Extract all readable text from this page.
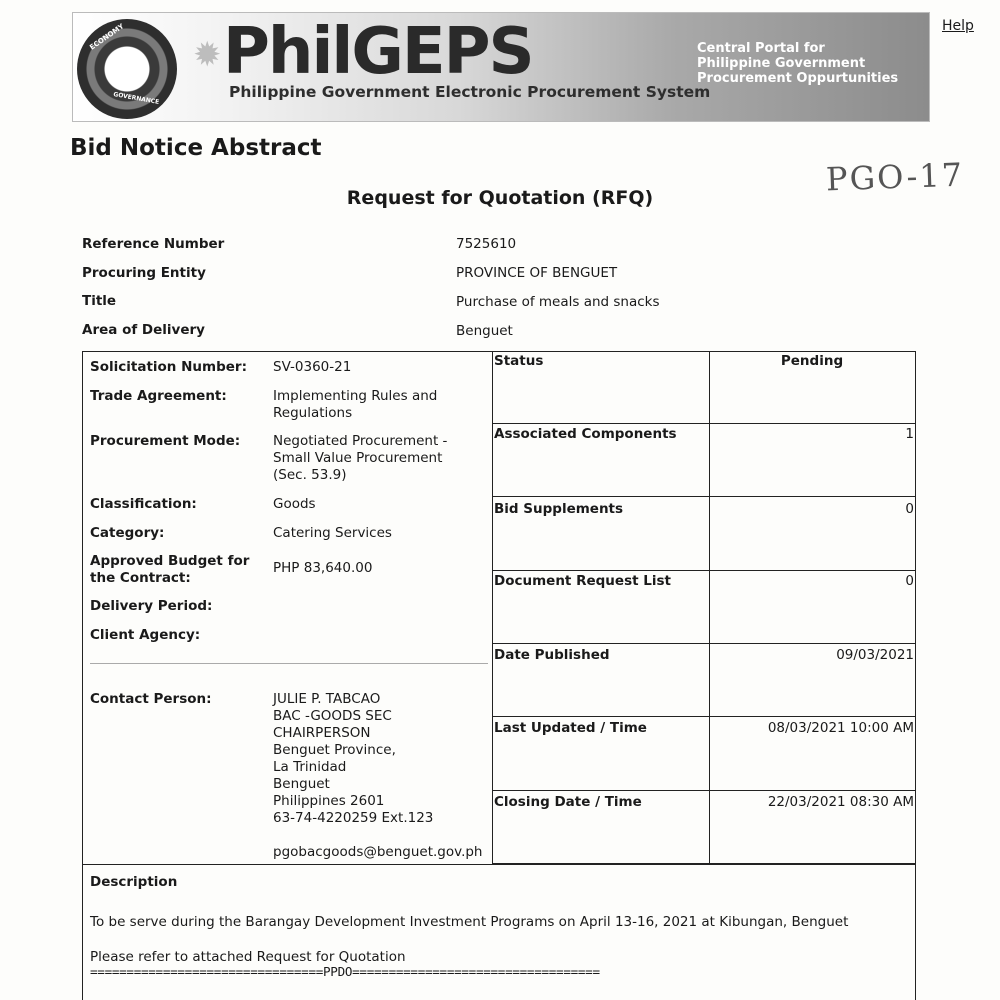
ECONOMY
GOVERNANCE
✹ PhilGEPS
Philippine Government Electronic Procurement System
Central Portal for
Philippine Government
Procurement Oppurtunities
Help
Bid Notice Abstract
PGO-17
Request for Quotation (RFQ)
Reference Number	7525610
Procuring Entity	PROVINCE OF BENGUET
Title	Purchase of meals and snacks
Area of Delivery	Benguet
Solicitation Number:	SV-0360-21
Trade Agreement:	Implementing Rules and Regulations
Procurement Mode:	Negotiated Procurement - Small Value Procurement (Sec. 53.9)
Classification:	Goods
Category:	Catering Services
Approved Budget for the Contract:
PHP 83,640.00
Delivery Period:
Client Agency:
Contact Person:	JULIE P. TABCAO
BAC -GOODS SEC
CHAIRPERSON
Benguet Province,
La Trinidad
Benguet
Philippines 2601
63-74-4220259 Ext.123
pgobacgoods@benguet.gov.ph
Status	Pending
Associated Components	1
Bid Supplements	0
Document Request List	0
Date Published	09/03/2021
Last Updated / Time	08/03/2021 10:00 AM
Closing Date / Time	22/03/2021 08:30 AM
Description
To be serve during the Barangay Development Investment Programs on April 13-16, 2021 at Kibungan, Benguet
Please refer to attached Request for Quotation
================================PPDO==================================
